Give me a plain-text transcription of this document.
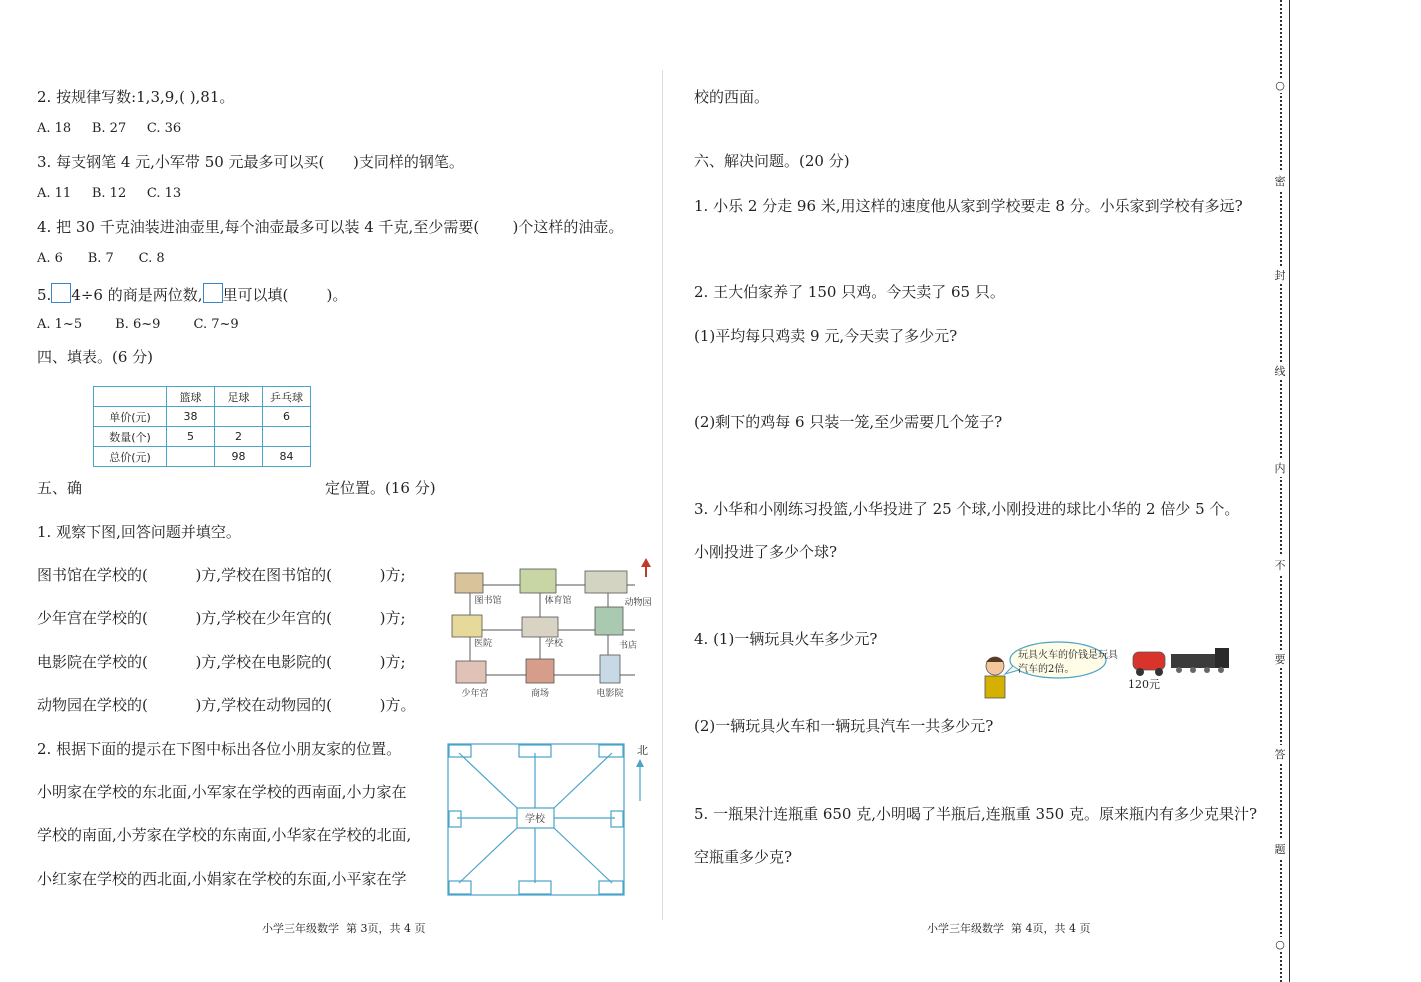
2. 按规律写数:1,3,9,( ),81。
A. 18     B. 27     C. 36
3. 每支钢笔 4 元,小军带 50 元最多可以买(      )支同样的钢笔。
A. 11     B. 12     C. 13
4. 把 30 千克油装进油壶里,每个油壶最多可以装 4 千克,至少需要(       )个这样的油壶。
A. 6      B. 7      C. 8
5. 4÷6 的商是两位数, 里可以填(        )。
A. 1~5        B. 6~9        C. 7~9
四、填表。(6 分)
	篮球	足球	乒乓球
单价(元)	38		6
数量(个)	5	2	
总价(元)		98	84
五、确	定位置。(16 分)
1. 观察下图,回答问题并填空。
图书馆在学校的(          )方,学校在图书馆的(          )方;
少年宫在学校的(          )方,学校在少年宫的(          )方;
电影院在学校的(          )方,学校在电影院的(          )方;
动物园在学校的(          )方,学校在动物园的(          )方。
图书馆	体育馆	动物园
医院	学校	书店
少年宫	商场	电影院
2. 根据下面的提示在下图中标出各位小朋友家的位置。
小明家在学校的东北面,小军家在学校的西南面,小力家在
学校的南面,小芳家在学校的东南面,小华家在学校的北面,
小红家在学校的西北面,小娟家在学校的东面,小平家在学
学校
北
小学三年级数学  第 3页，共 4 页
校的西面。
六、解决问题。(20 分)
1. 小乐 2 分走 96 米,用这样的速度他从家到学校要走 8 分。小乐家到学校有多远?
2. 王大伯家养了 150 只鸡。今天卖了 65 只。
(1)平均每只鸡卖 9 元,今天卖了多少元?
(2)剩下的鸡每 6 只装一笼,至少需要几个笼子?
3. 小华和小刚练习投篮,小华投进了 25 个球,小刚投进的球比小华的 2 倍少 5 个。
小刚投进了多少个球?
4. (1)一辆玩具火车多少元?
玩具火车的价钱是玩具汽车的2倍。
120元
(2)一辆玩具火车和一辆玩具汽车一共多少元?
5. 一瓶果汁连瓶重 650 克,小明喝了半瓶后,连瓶重 350 克。原来瓶内有多少克果汁?
空瓶重多少克?
小学三年级数学  第 4页，共 4 页
○
密
封
线
内
不
要
答
题
○
